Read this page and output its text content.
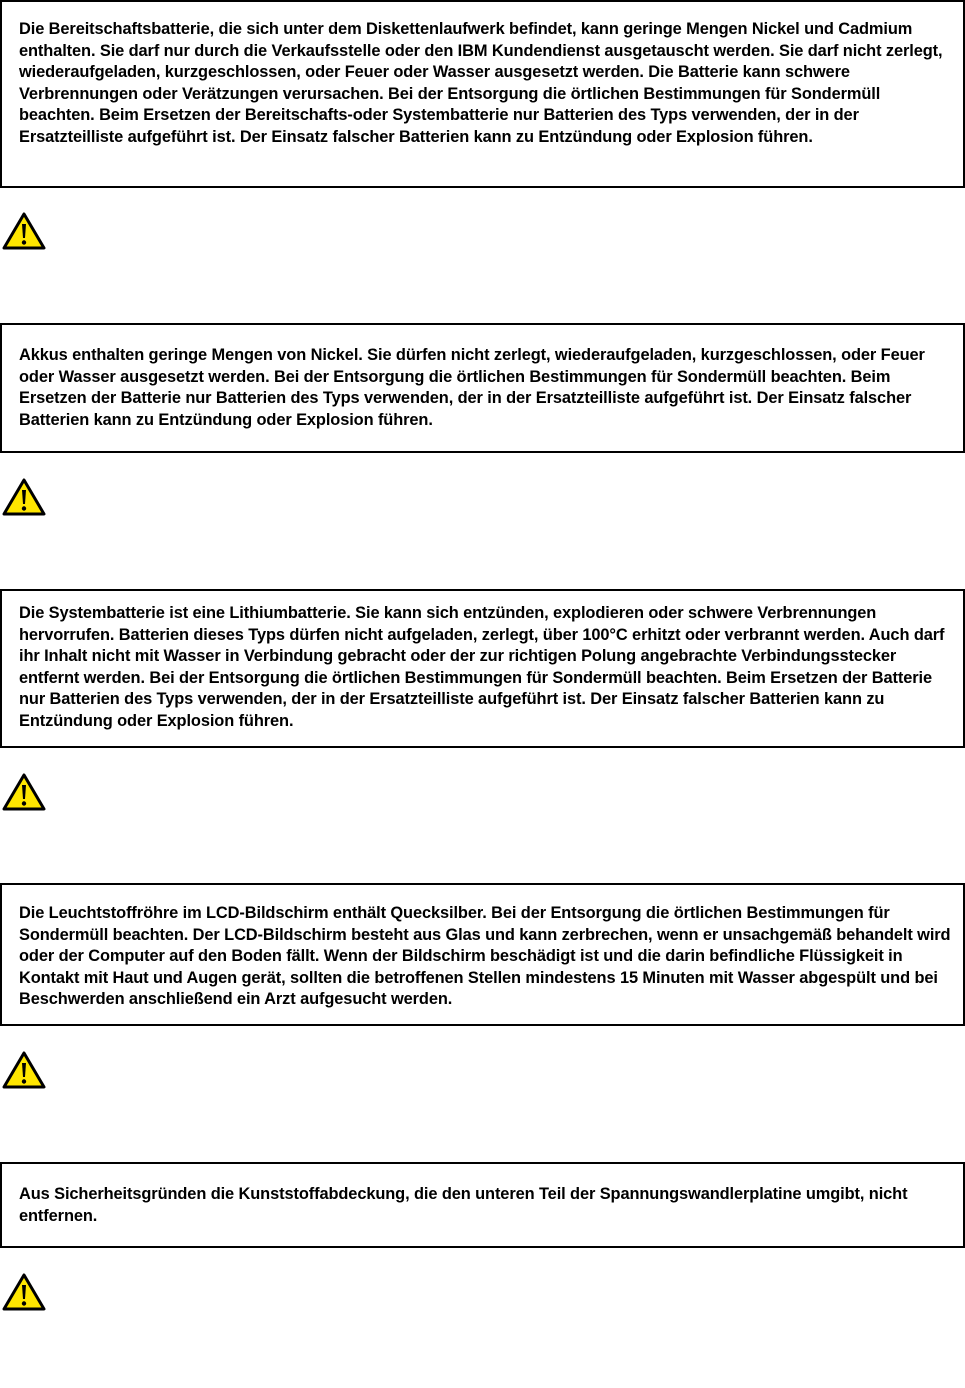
Die Bereitschaftsbatterie, die sich unter dem Diskettenlaufwerk befindet, kann geringe Mengen Nickel und Cadmium enthalten. Sie darf nur durch die Verkaufsstelle oder den IBM Kundendienst ausgetauscht werden. Sie darf nicht zerlegt, wiederaufgeladen, kurzgeschlossen, oder Feuer oder Wasser ausgesetzt werden. Die Batterie kann schwere Verbrennungen oder Verätzungen verursachen. Bei der Entsorgung die örtlichen Bestimmungen für Sondermüll beachten. Beim Ersetzen der Bereitschafts-oder Systembatterie nur Batterien des Typs verwenden, der in der Ersatzteilliste aufgeführt ist. Der Einsatz falscher Batterien kann zu Entzündung oder Explosion führen.

Akkus enthalten geringe Mengen von Nickel. Sie dürfen nicht zerlegt, wiederaufgeladen, kurzgeschlossen, oder Feuer oder Wasser ausgesetzt werden. Bei der Entsorgung die örtlichen Bestimmungen für Sondermüll beachten. Beim Ersetzen der Batterie nur Batterien des Typs verwenden, der in der Ersatzteilliste aufgeführt ist. Der Einsatz falscher Batterien kann zu Entzündung oder Explosion führen.

Die Systembatterie ist eine Lithiumbatterie. Sie kann sich entzünden, explodieren oder schwere Verbrennungen hervorrufen. Batterien dieses Typs dürfen nicht aufgeladen, zerlegt, über 100°C erhitzt oder verbrannt werden. Auch darf ihr Inhalt nicht mit Wasser in Verbindung gebracht oder der zur richtigen Polung angebrachte Verbindungsstecker entfernt werden. Bei der Entsorgung die örtlichen Bestimmungen für Sondermüll beachten. Beim Ersetzen der Batterie nur Batterien des Typs verwenden, der in der Ersatzteilliste aufgeführt ist. Der Einsatz falscher Batterien kann zu Entzündung oder Explosion führen.

Die Leuchtstoffröhre im LCD-Bildschirm enthält Quecksilber. Bei der Entsorgung die örtlichen Bestimmungen für Sondermüll beachten. Der LCD-Bildschirm besteht aus Glas und kann zerbrechen, wenn er unsachgemäß behandelt wird oder der Computer auf den Boden fällt. Wenn der Bildschirm beschädigt ist und die darin befindliche Flüssigkeit in Kontakt mit Haut und Augen gerät, sollten die betroffenen Stellen mindestens 15 Minuten mit Wasser abgespült und bei Beschwerden anschließend ein Arzt aufgesucht werden.

Aus Sicherheitsgründen die Kunststoffabdeckung, die den unteren Teil der Spannungswandlerplatine umgibt, nicht entfernen.
